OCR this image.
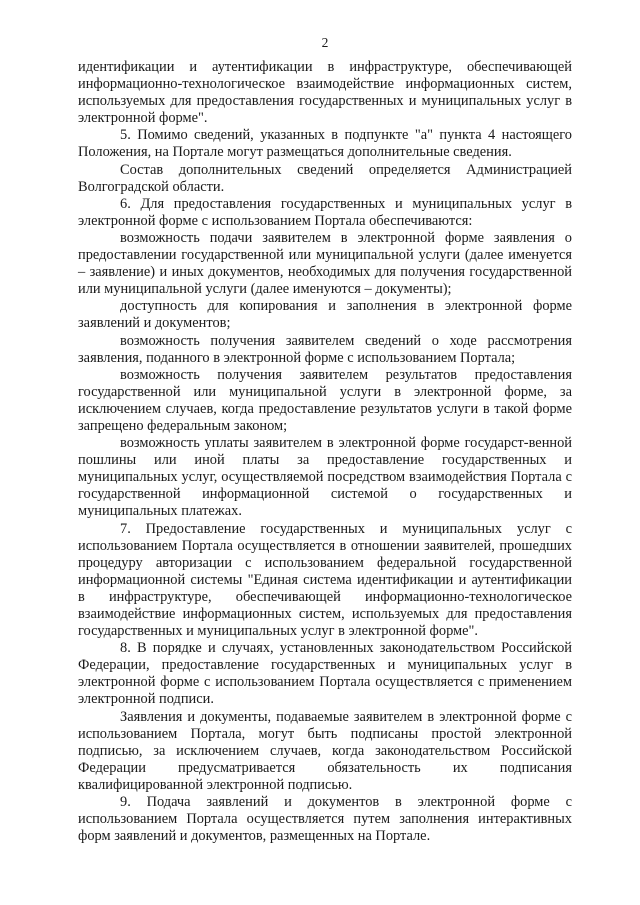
2

идентификации и аутентификации в инфраструктуре, обеспечивающей информационно-технологическое взаимодействие информационных систем, используемых для предоставления государственных и муниципальных услуг в электронной форме".

5. Помимо сведений, указанных в подпункте "а" пункта 4 настоящего Положения, на Портале могут размещаться дополнительные сведения.

Состав дополнительных сведений определяется Администрацией Волгоградской области.

6. Для предоставления государственных и муниципальных услуг в электронной форме с использованием Портала обеспечиваются:

возможность подачи заявителем в электронной форме заявления о предоставлении государственной или муниципальной услуги (далее именуется – заявление) и иных документов, необходимых для получения государственной или муниципальной услуги (далее именуются – документы);

доступность для копирования и заполнения в электронной форме заявлений и документов;

возможность получения заявителем сведений о ходе рассмотрения заявления, поданного в электронной форме с использованием Портала;

возможность получения заявителем результатов предоставления государственной или муниципальной услуги в электронной форме, за исключением случаев, когда предоставление результатов услуги в такой форме запрещено федеральным законом;

возможность уплаты заявителем в электронной форме государст-венной пошлины или иной платы за предоставление государственных и муниципальных услуг, осуществляемой посредством взаимодействия Портала с государственной информационной системой о государственных и муниципальных платежах.

7. Предоставление государственных и муниципальных услуг с использованием Портала осуществляется в отношении заявителей, прошедших процедуру авторизации с использованием федеральной государственной информационной системы "Единая система идентификации и аутентификации в инфраструктуре, обеспечивающей информационно-технологическое взаимодействие информационных систем, используемых для предоставления государственных и муниципальных услуг в электронной форме".

8. В порядке и случаях, установленных законодательством Российской Федерации, предоставление государственных и муниципальных услуг в электронной форме с использованием Портала осуществляется с применением электронной подписи.

Заявления и документы, подаваемые заявителем в электронной форме с использованием Портала, могут быть подписаны простой электронной подписью, за исключением случаев, когда законодательством Российской Федерации предусматривается обязательность их подписания квалифицированной электронной подписью.

9. Подача заявлений и документов в электронной форме с использованием Портала осуществляется путем заполнения интерактивных форм заявлений и документов, размещенных на Портале.
